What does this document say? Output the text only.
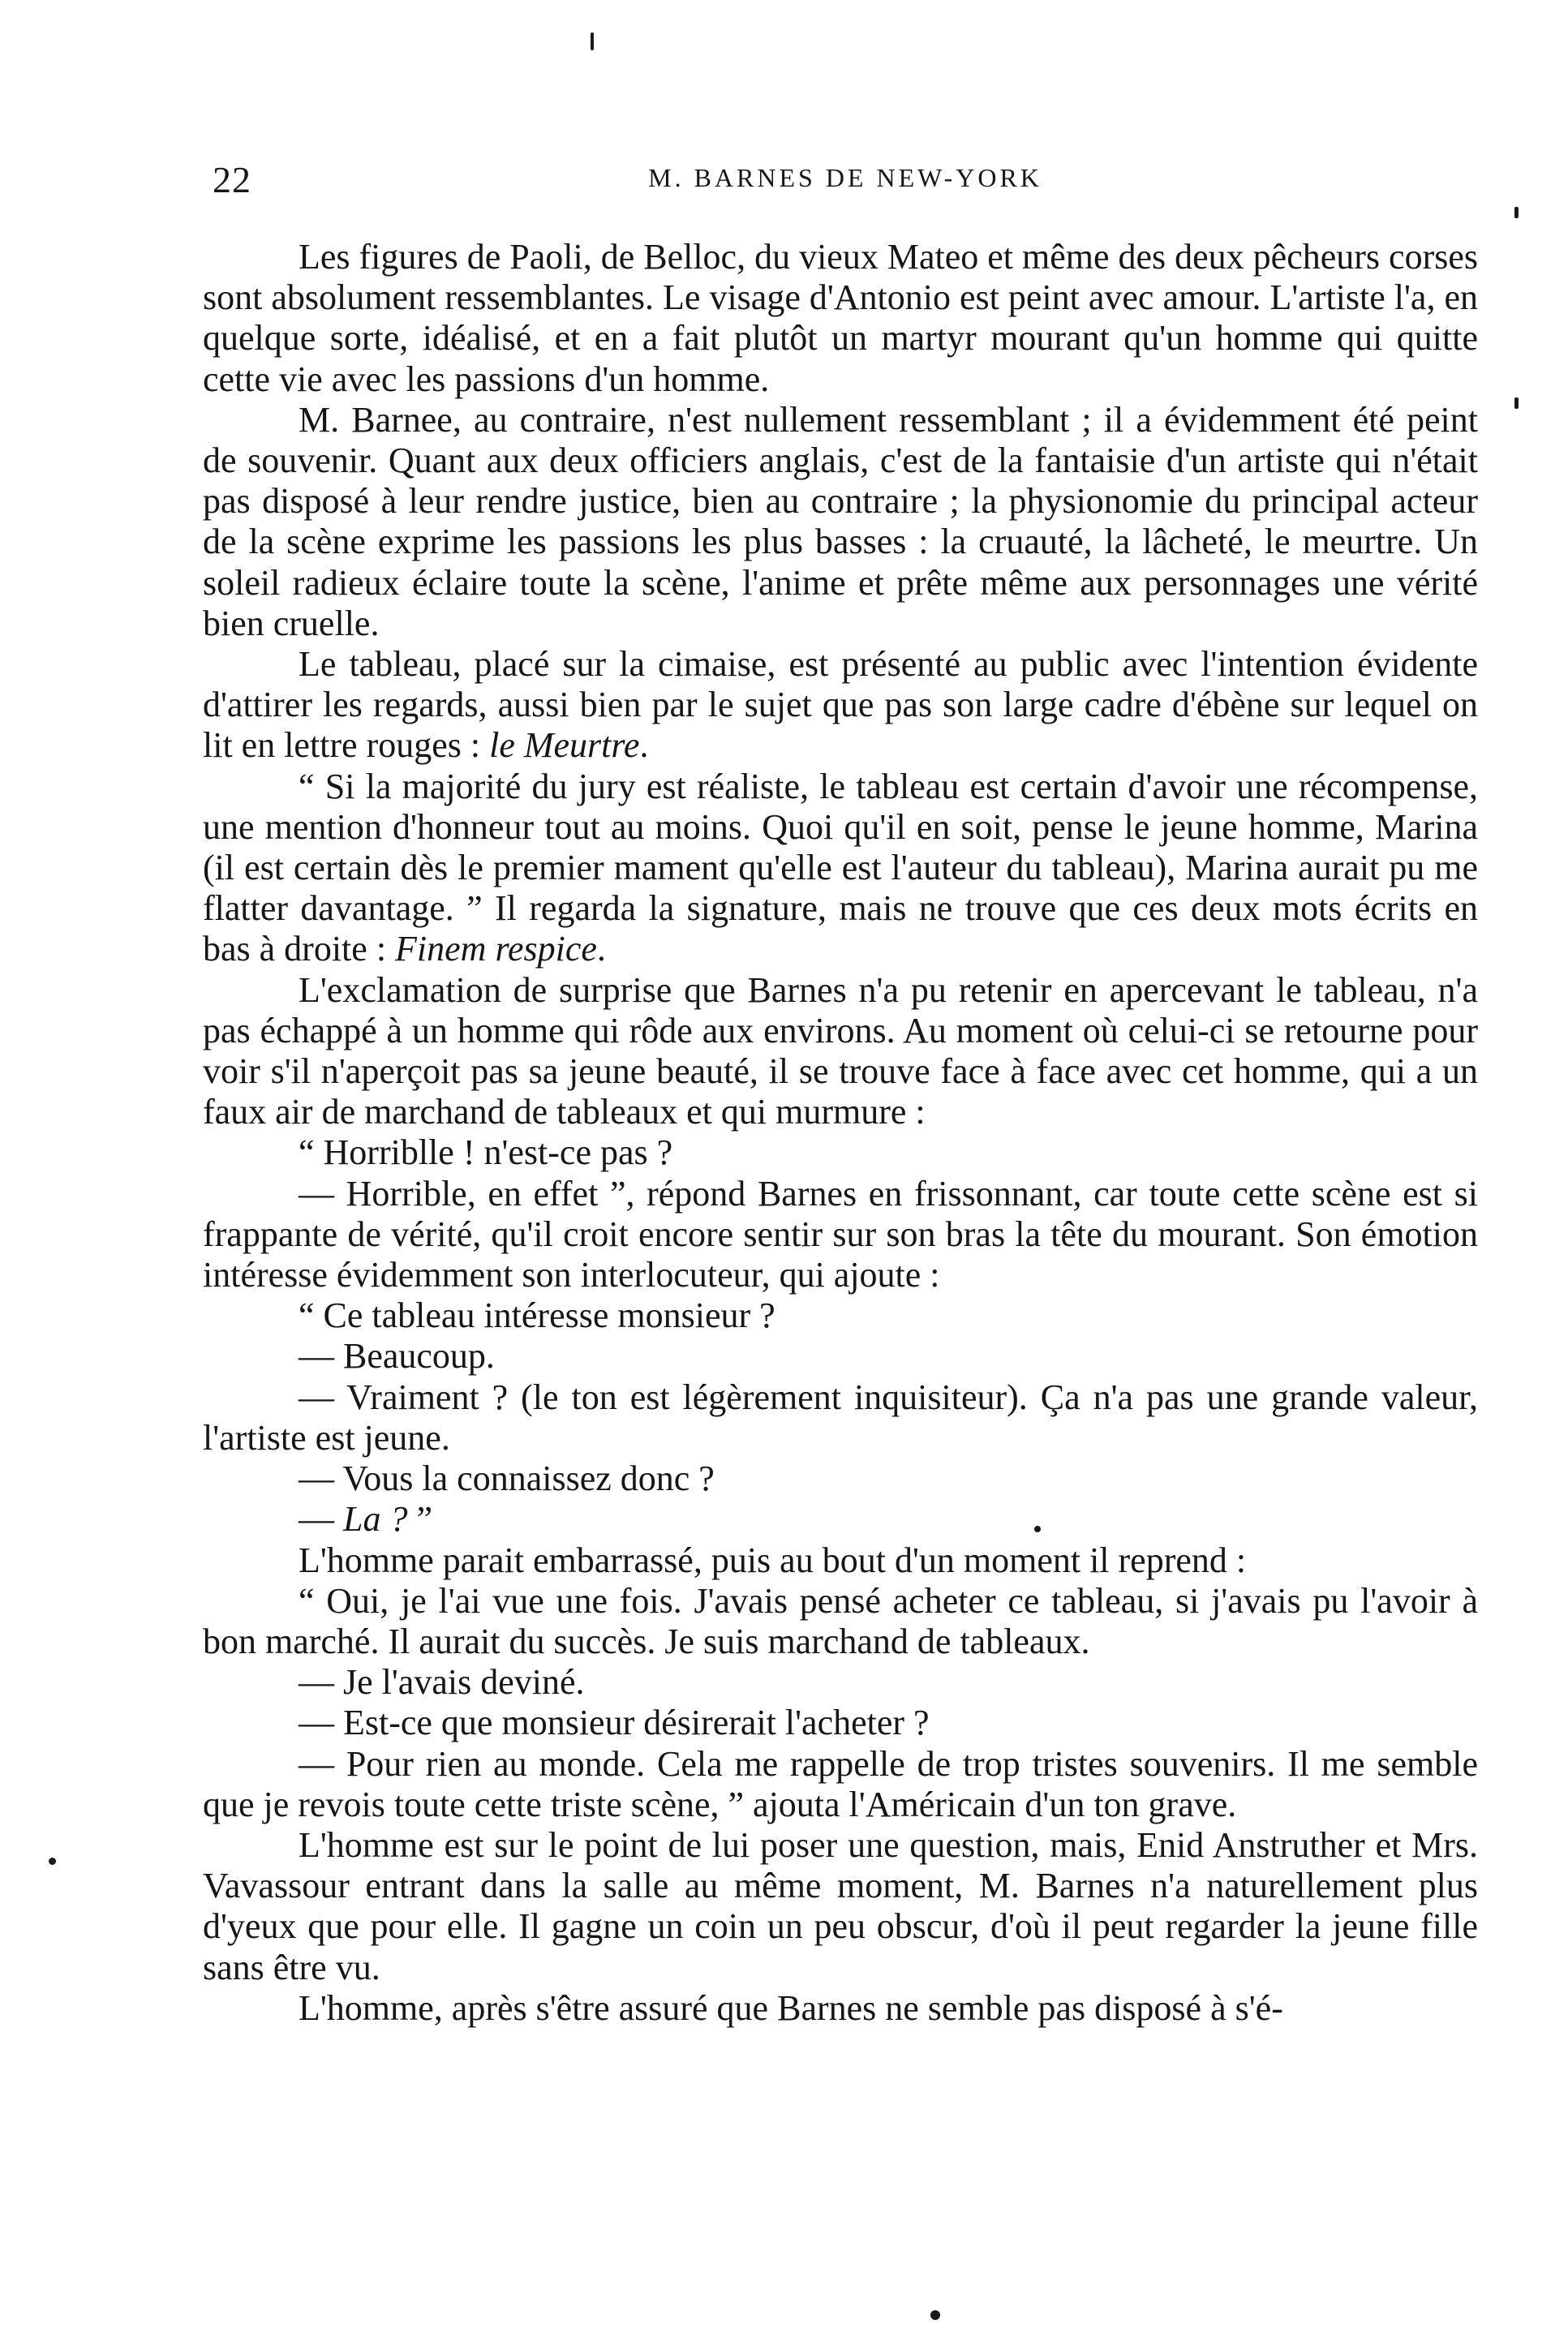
22	M. BARNES DE NEW-YORK

Les figures de Paoli, de Belloc, du vieux Mateo et même des deux pêcheurs corses sont absolument ressemblantes. Le visage d'Antonio est peint avec amour. L'artiste l'a, en quelque sorte, idéalisé, et en a fait plutôt un martyr mourant qu'un homme qui quitte cette vie avec les passions d'un homme.

M. Barnee, au contraire, n'est nullement ressemblant ; il a évidemment été peint de souvenir. Quant aux deux officiers anglais, c'est de la fantaisie d'un artiste qui n'était pas disposé à leur rendre justice, bien au contraire ; la physionomie du principal acteur de la scène exprime les passions les plus basses : la cruauté, la lâcheté, le meurtre. Un soleil radieux éclaire toute la scène, l'anime et prête même aux personnages une vérité bien cruelle.

Le tableau, placé sur la cimaise, est présenté au public avec l'intention évidente d'attirer les regards, aussi bien par le sujet que pas son large cadre d'ébène sur lequel on lit en lettre rouges : le Meurtre.

“ Si la majorité du jury est réaliste, le tableau est certain d'avoir une récompense, une mention d'honneur tout au moins. Quoi qu'il en soit, pense le jeune homme, Marina (il est certain dès le premier mament qu'elle est l'auteur du tableau), Marina aurait pu me flatter davantage. ” Il regarda la signature, mais ne trouve que ces deux mots écrits en bas à droite : Finem respice.

L'exclamation de surprise que Barnes n'a pu retenir en apercevant le tableau, n'a pas échappé à un homme qui rôde aux environs. Au moment où celui-ci se retourne pour voir s'il n'aperçoit pas sa jeune beauté, il se trouve face à face avec cet homme, qui a un faux air de marchand de tableaux et qui murmure :

“ Horriblle ! n'est-ce pas ?

— Horrible, en effet ”, répond Barnes en frissonnant, car toute cette scène est si frappante de vérité, qu'il croit encore sentir sur son bras la tête du mourant. Son émotion intéresse évidemment son interlocuteur, qui ajoute :

“ Ce tableau intéresse monsieur ?

— Beaucoup.

— Vraiment ? (le ton est légèrement inquisiteur). Ça n'a pas une grande valeur, l'artiste est jeune.

— Vous la connaissez donc ?

— La ? ”

L'homme parait embarrassé, puis au bout d'un moment il reprend :

“ Oui, je l'ai vue une fois. J'avais pensé acheter ce tableau, si j'avais pu l'avoir à bon marché. Il aurait du succès. Je suis marchand de tableaux.

— Je l'avais deviné.

— Est-ce que monsieur désirerait l'acheter ?

— Pour rien au monde. Cela me rappelle de trop tristes souvenirs. Il me semble que je revois toute cette triste scène, ” ajouta l'Américain d'un ton grave.

L'homme est sur le point de lui poser une question, mais, Enid Anstruther et Mrs. Vavassour entrant dans la salle au même moment, M. Barnes n'a naturellement plus d'yeux que pour elle. Il gagne un coin un peu obscur, d'où il peut regarder la jeune fille sans être vu.

L'homme, après s'être assuré que Barnes ne semble pas disposé à s'é-
